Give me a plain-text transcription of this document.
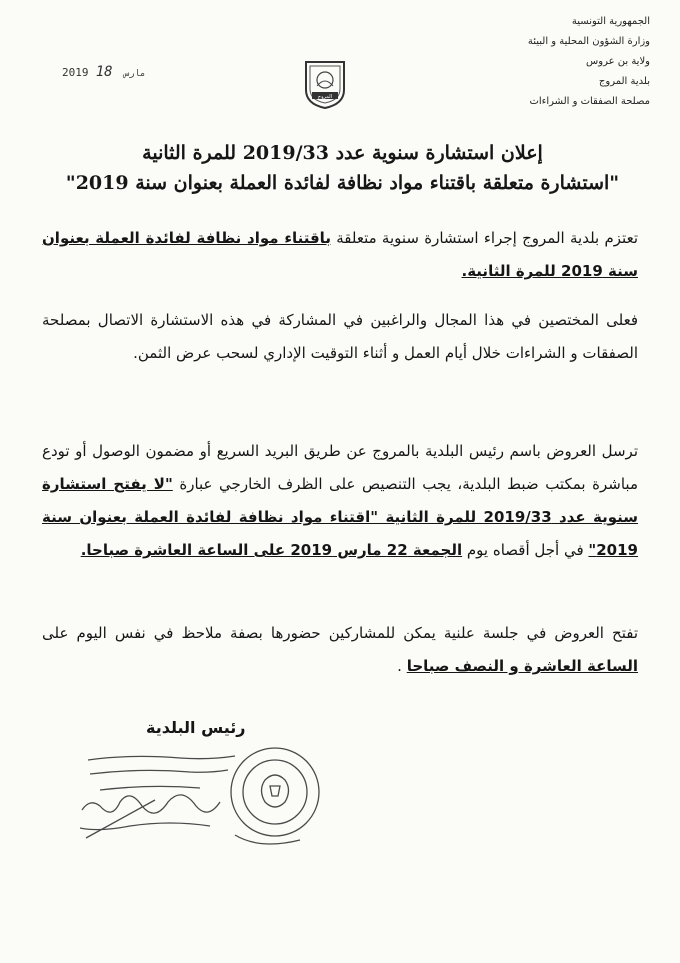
الجمهورية التونسية
وزارة الشؤون المحلية و البيئة
ولاية بن عروس
بلدية المروج
مصلحة الصفقات و الشراءات
2019	مارس 18
المروج
إعلان استشارة سنوية عدد 2019/33 للمرة الثانية
"استشارة متعلقة باقتناء مواد نظافة لفائدة العملة بعنوان سنة 2019"
تعتزم بلدية المروج إجراء استشارة سنوية متعلقة باقتناء مواد نظافة لفائدة العملة بعنوان سنة 2019 للمرة الثانية.
فعلى المختصين في هذا المجال والراغبين في المشاركة في هذه الاستشارة الاتصال بمصلحة الصفقات و الشراءات خلال أيام العمل و أثناء التوقيت الإداري لسحب عرض الثمن.
ترسل العروض باسم رئيس البلدية بالمروج عن طريق البريد السريع أو مضمون الوصول أو تودع مباشرة بمكتب ضبط البلدية، يجب التنصيص على الظرف الخارجي عبارة "لا يفتح استشارة سنوية عدد 2019/33 للمرة الثانية "اقتناء مواد نظافة لفائدة العملة بعنوان سنة 2019" في أجل أقصاه يوم الجمعة 22 مارس 2019 على الساعة العاشرة صباحا.
تفتح العروض في جلسة علنية يمكن للمشاركين حضورها بصفة ملاحظ في نفس اليوم على الساعة العاشرة و النصف صباحا .
رئيس البلدية
